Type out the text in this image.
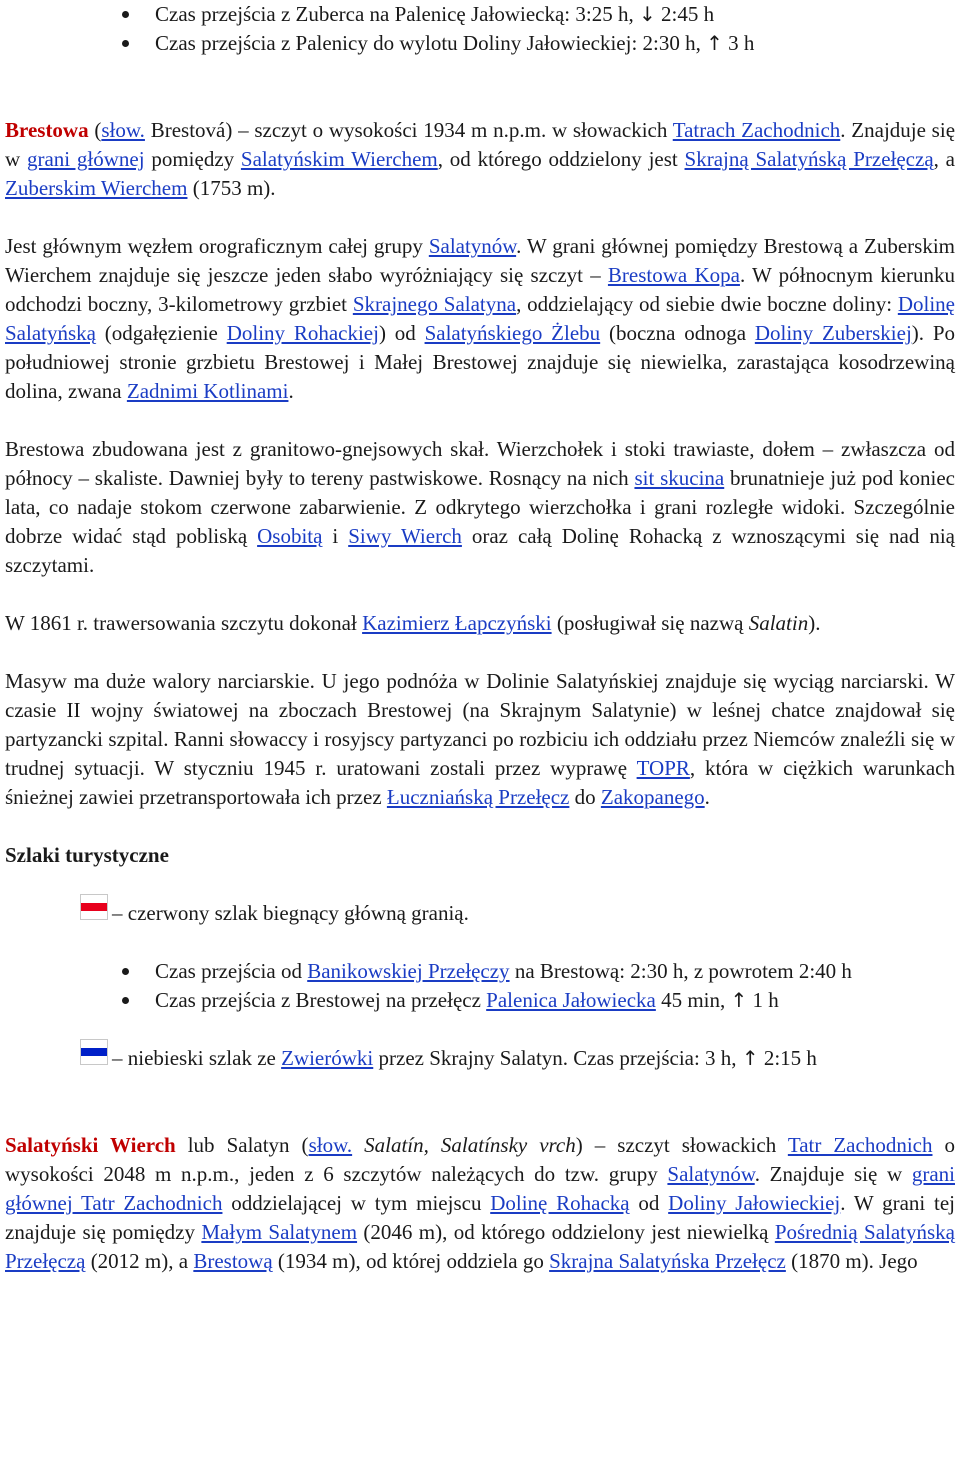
Czas przejścia z Zuberca na Palenicę Jałowiecką: 3:25 h, ↓ 2:45 h
Czas przejścia z Palenicy do wylotu Doliny Jałowieckiej: 2:30 h, ↑ 3 h

Brestowa (słow. Brestová) – szczyt o wysokości 1934 m n.p.m. w słowackich Tatrach Zachodnich. Znajduje się w grani głównej pomiędzy Salatyńskim Wierchem, od którego oddzielony jest Skrajną Salatyńską Przełęczą, a Zuberskim Wierchem (1753 m).

Jest głównym węzłem orograficznym całej grupy Salatynów. W grani głównej pomiędzy Brestową a Zuberskim Wierchem znajduje się jeszcze jeden słabo wyróżniający się szczyt – Brestowa Kopa. W północnym kierunku odchodzi boczny, 3-kilometrowy grzbiet Skrajnego Salatyna, oddzielający od siebie dwie boczne doliny: Dolinę Salatyńską (odgałęzienie Doliny Rohackiej) od Salatyńskiego Żlebu (boczna odnoga Doliny Zuberskiej). Po południowej stronie grzbietu Brestowej i Małej Brestowej znajduje się niewielka, zarastająca kosodrzewiną dolina, zwana Zadnimi Kotlinami.

Brestowa zbudowana jest z granitowo-gnejsowych skał. Wierzchołek i stoki trawiaste, dołem – zwłaszcza od północy – skaliste. Dawniej były to tereny pastwiskowe. Rosnący na nich sit skucina brunatnieje już pod koniec lata, co nadaje stokom czerwone zabarwienie. Z odkrytego wierzchołka i grani rozległe widoki. Szczególnie dobrze widać stąd pobliską Osobitą i Siwy Wierch oraz całą Dolinę Rohacką z wznoszącymi się nad nią szczytami.

W 1861 r. trawersowania szczytu dokonał Kazimierz Łapczyński (posługiwał się nazwą Salatin).

Masyw ma duże walory narciarskie. U jego podnóża w Dolinie Salatyńskiej znajduje się wyciąg narciarski. W czasie II wojny światowej na zboczach Brestowej (na Skrajnym Salatynie) w leśnej chatce znajdował się partyzancki szpital. Ranni słowaccy i rosyjscy partyzanci po rozbiciu ich oddziału przez Niemców znaleźli się w trudnej sytuacji. W styczniu 1945 r. uratowani zostali przez wyprawę TOPR, która w ciężkich warunkach śnieżnej zawiei przetransportowała ich przez Łuczniańską Przełęcz do Zakopanego.

Szlaki turystyczne

– czerwony szlak biegnący główną granią.
Czas przejścia od Banikowskiej Przełęczy na Brestową: 2:30 h, z powrotem 2:40 h
Czas przejścia z Brestowej na przełęcz Palenica Jałowiecka 45 min, ↑ 1 h
– niebieski szlak ze Zwierówki przez Skrajny Salatyn. Czas przejścia: 3 h, ↑ 2:15 h

Salatyński Wierch lub Salatyn (słow. Salatín, Salatínsky vrch) – szczyt słowackich Tatr Zachodnich o wysokości 2048 m n.p.m., jeden z 6 szczytów należących do tzw. grupy Salatynów. Znajduje się w grani głównej Tatr Zachodnich oddzielającej w tym miejscu Dolinę Rohacką od Doliny Jałowieckiej. W grani tej znajduje się pomiędzy Małym Salatynem (2046 m), od którego oddzielony jest niewielką Pośrednią Salatyńską Przełęczą (2012 m), a Brestową (1934 m), od której oddziela go Skrajna Salatyńska Przełęcz (1870 m). Jego
